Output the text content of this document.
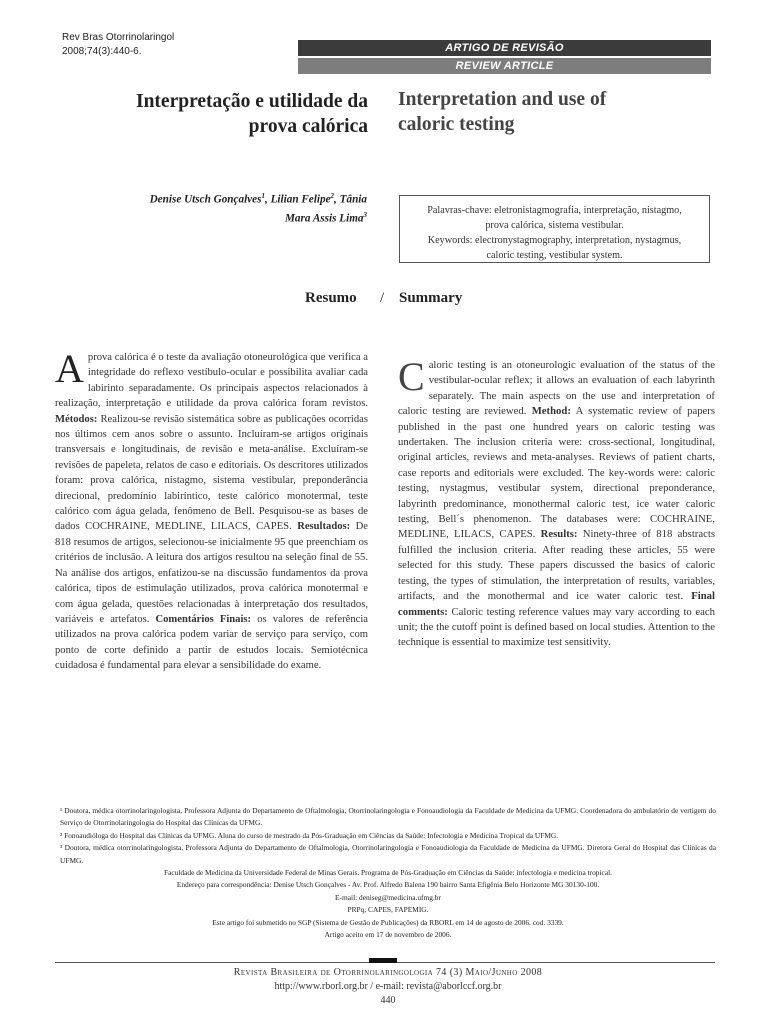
Rev Bras Otorrinolaringol
2008;74(3):440-6.	ARTIGO DE REVISÃO
REVIEW ARTICLE
Interpretação e utilidade da
prova calórica
Interpretation and use of
caloric testing
Denise Utsch Gonçalves$^1$, Lilian Felipe$^2$, Tânia
Mara Assis Lima$^3$	Palavras-chave: eletronistagmografia, interpretação, nistagmo,
prova calórica, sistema vestibular.
Keywords: electronystagmography, interpretation, nystagmus,
caloric testing, vestibular system.
Resumo / Summary
A prova calórica é o teste da avaliação otoneurológica que verifica a integridade do reflexo vestíbulo-ocular e possibilita avaliar cada labirinto separadamente. Os principais aspectos relacionados à realização, interpretação e utilidade da prova calórica foram revistos. Métodos: Realizou-se revisão sistemática sobre as publicações ocorridas nos últimos cem anos sobre o assunto. Incluíram-se artigos originais transversais e longitudinais, de revisão e meta-análise. Excluíram-se revisões de papeleta, relatos de caso e editoriais. Os descritores utilizados foram: prova calórica, nistagmo, sistema vestibular, preponderância direcional, predomínio labiríntico, teste calórico monotermal, teste calórico com água gelada, fenômeno de Bell. Pesquisou-se as bases de dados COCHRAINE, MEDLINE, LILACS, CAPES. Resultados: De 818 resumos de artigos, selecionou-se inicialmente 95 que preenchiam os critérios de inclusão. A leitura dos artigos resultou na seleção final de 55. Na análise dos artigos, enfatizou-se na discussão fundamentos da prova calórica, tipos de estimulação utilizados, prova calórica monotermal e com água gelada, questões relacionadas à interpretação dos resultados, variáveis e artefatos. Comentários Finais: os valores de referência utilizados na prova calórica podem variar de serviço para serviço, com ponto de corte definido a partir de estudos locais. Semiotécnica cuidadosa é fundamental para elevar a sensibilidade do exame.
Caloric testing is an otoneurologic evaluation of the status of the vestibular-ocular reflex; it allows an evaluation of each labyrinth separately. The main aspects on the use and interpretation of caloric testing are reviewed. Method: A systematic review of papers published in the past one hundred years on caloric testing was undertaken. The inclusion criteria were: cross-sectional, longitudinal, original articles, reviews and meta-analyses. Reviews of patient charts, case reports and editorials were excluded. The key-words were: caloric testing, nystagmus, vestibular system, directional preponderance, labyrinth predominance, monothermal caloric test, ice water caloric testing, Bell´s phenomenon. The databases were: COCHRAINE, MEDLINE, LILACS, CAPES. Results: Ninety-three of 818 abstracts fulfilled the inclusion criteria. After reading these articles, 55 were selected for this study. These papers discussed the basics of caloric testing, the types of stimulation, the interpretation of results, variables, artifacts, and the monothermal and ice water caloric test. Final comments: Caloric testing reference values may vary according to each unit; the the cutoff point is defined based on local studies. Attention to the technique is essential to maximize test sensitivity.
¹ Doutora, médica otorrinolaringologista, Professora Adjunta do Departamento de Oftalmologia, Otorrinolaringologia e Fonoaudiologia da Faculdade de Medicina da UFMG. Coordenadora do ambulatório de vertigem do Serviço de Otorrinolaringologia do Hospital das Clínicas da UFMG.
² Fonoaudióloga do Hospital das Clínicas da UFMG. Aluna do curso de mestrado da Pós-Graduação em Ciências da Saúde: Infectologia e Medicina Tropical da UFMG.
³ Doutora, médica otorrinolaringologista, Professora Adjunta do Departamento de Oftalmologia, Otorrinolaringologia e Fonoaudiologia da Faculdade de Medicina da UFMG. Diretora Geral do Hospital das Clínicas da UFMG.
Faculdade de Medicina da Universidade Federal de Minas Gerais. Programa de Pós-Graduação em Ciências da Saúde: infectologia e medicina tropical.
Endereço para correspondência: Denise Utsch Gonçalves - Av. Prof. Alfredo Balena 190 bairro Santa Efigênia Belo Horizonte MG 30130-100.
E-mail: deniseg@medicina.ufmg.br
PRPq, CAPES, FAPEMIG.
Este artigo foi submetido no SGP (Sistema de Gestão de Publicações) da RBORL em 14 de agosto de 2006. cod. 3339.
Artigo aceito em 17 de novembro de 2006.
Revista Brasileira de Otorrinolaringologia 74 (3) Maio/Junho 2008
http://www.rborl.org.br / e-mail: revista@aborlccf.org.br
440
